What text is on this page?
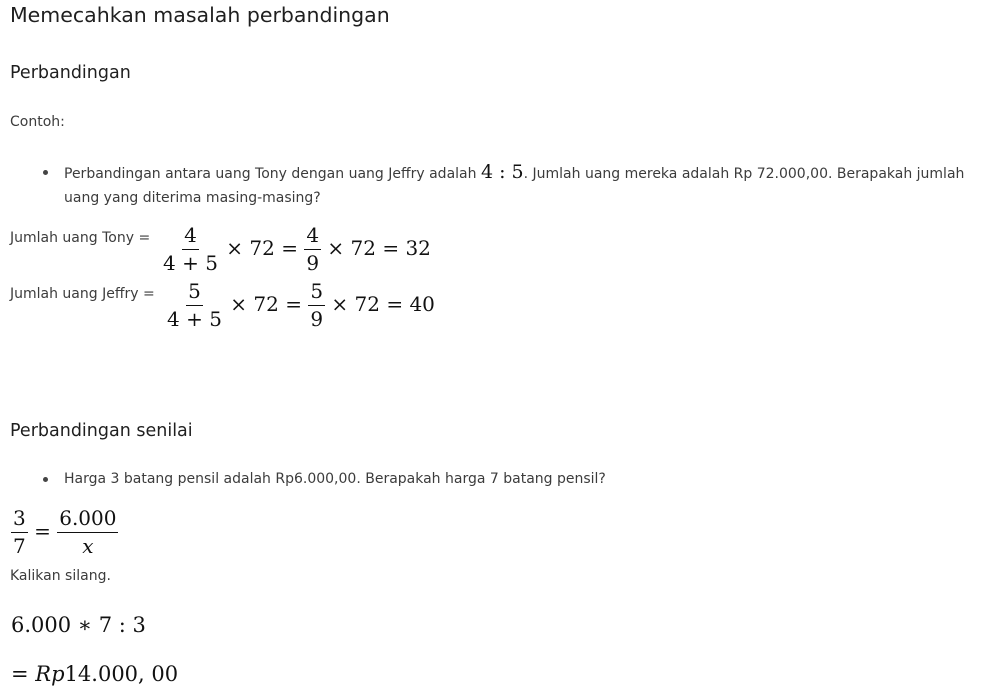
Memecahkan masalah perbandingan
Perbandingan
Contoh:
Perbandingan antara uang Tony dengan uang Jeffry adalah 4 : 5. Jumlah uang mereka adalah Rp 72.000,00. Berapakah jumlah
uang yang diterima masing-masing?
Jumlah uang Tony = $\frac{4}{4 + 5} \times 72 = \frac{4}{9} \times 72 = 32$
Jumlah uang Jeffry = $\frac{5}{4 + 5} \times 72 = \frac{5}{9} \times 72 = 40$
Perbandingan senilai
Harga 3 batang pensil adalah Rp6.000,00. Berapakah harga 7 batang pensil?
$\frac{3}{7} = \frac{6.000}{x}$
Kalikan silang.
6.000 ∗ 7 : 3
= Rp14.000, 00
